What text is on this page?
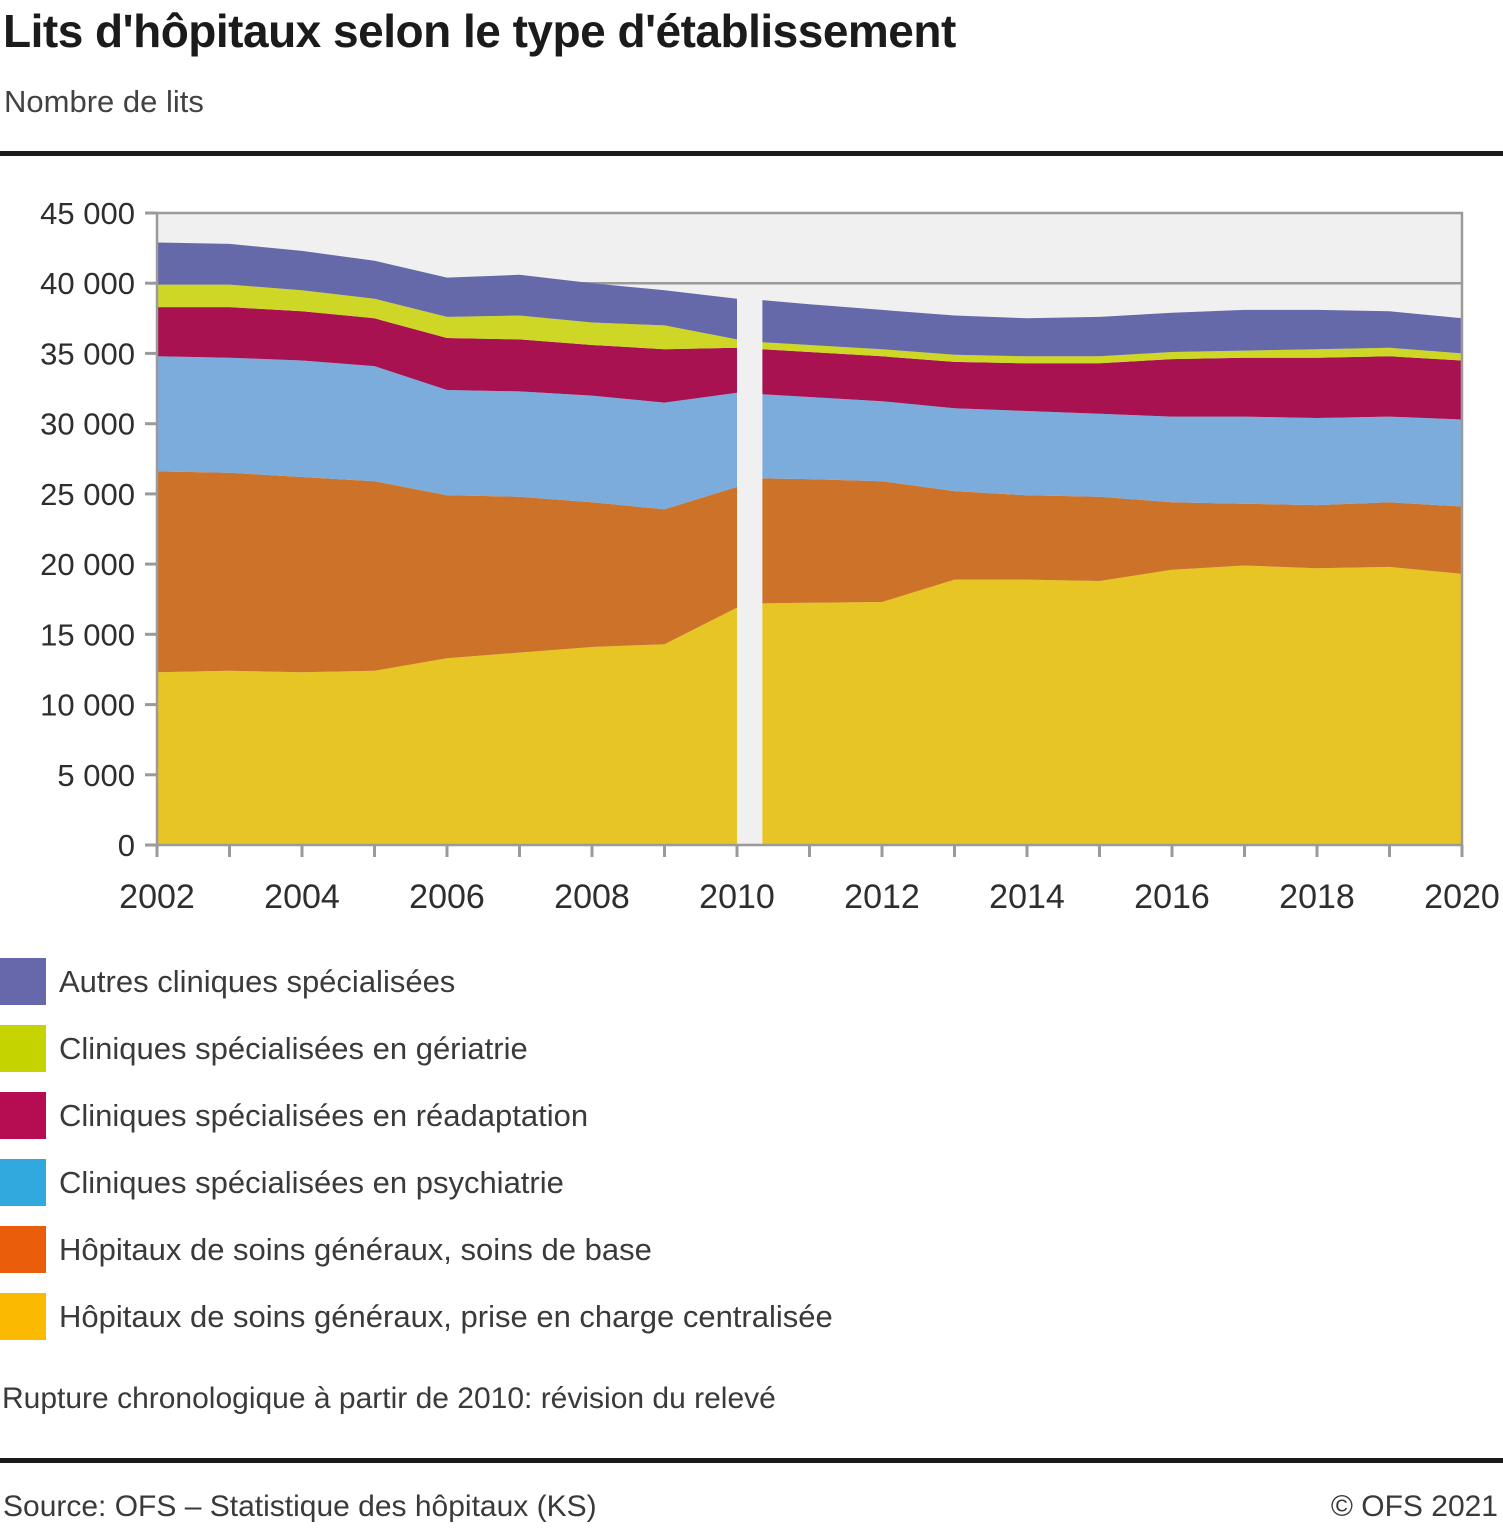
Lits d'hôpitaux selon le type d'établissement
Nombre de lits
0
5 000
10 000
15 000
20 000
25 000
30 000
35 000
40 000
45 000
2002 2004 2006 2008 2010 2012 2014 2016 2018 2020
Autres cliniques spécialisées
Cliniques spécialisées en gériatrie
Cliniques spécialisées en réadaptation
Cliniques spécialisées en psychiatrie
Hôpitaux de soins généraux, soins de base
Hôpitaux de soins généraux, prise en charge centralisée
Rupture chronologique à partir de 2010: révision du relevé
Source: OFS – Statistique des hôpitaux (KS)	© OFS 2021
